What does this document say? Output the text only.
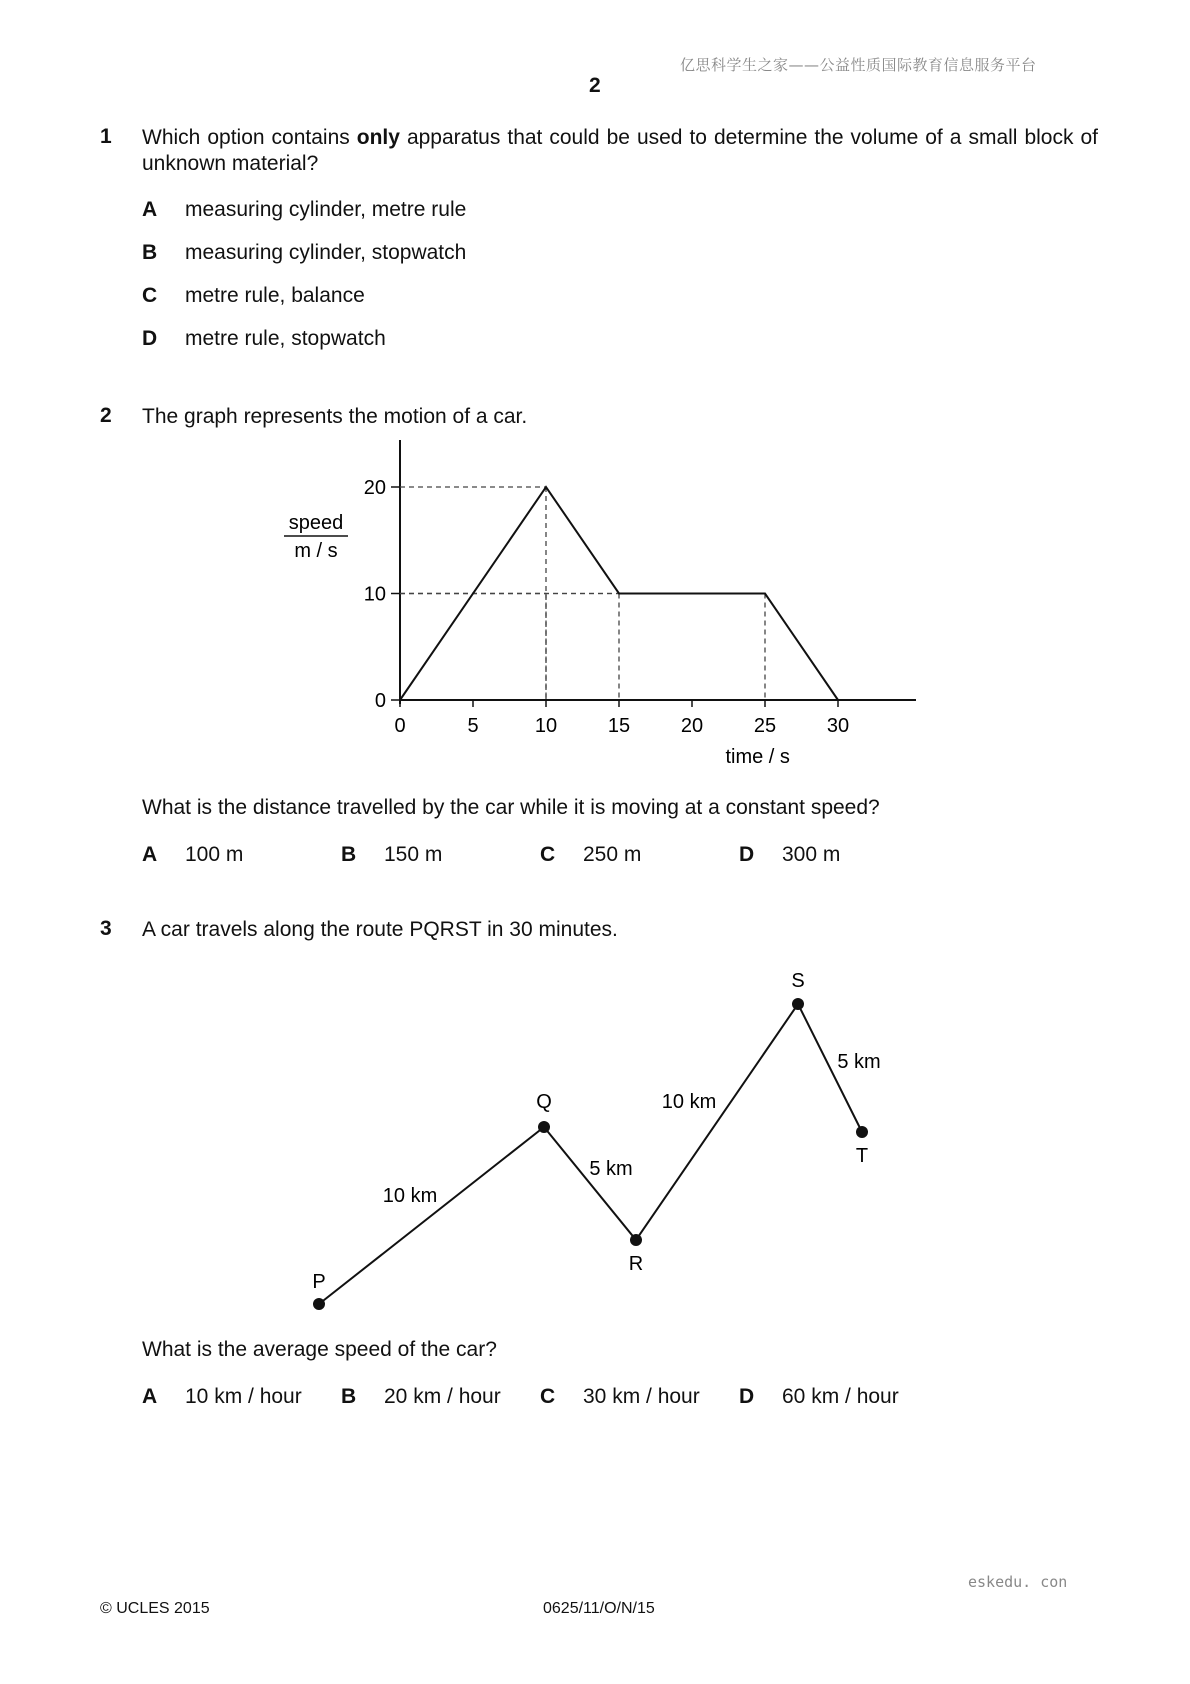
亿思科学生之家——公益性质国际教育信息服务平台
2
1 Which option contains only apparatus that could be used to determine the volume of a small block of unknown material?
A measuring cylinder, metre rule
B measuring cylinder, stopwatch
C metre rule, balance
D metre rule, stopwatch
2 The graph represents the motion of a car.
0	5	10	15	20	25	30
0
10
20
speed
m / s
time / s
What is the distance travelled by the car while it is moving at a constant speed?
A 100 m	B 150 m	C 250 m	D 300 m
3 A car travels along the route PQRST in 30 minutes.
P
Q
R
S
T
10 km
5 km
10 km
5 km
What is the average speed of the car?
A 10 km / hour B 20 km / hour C 30 km / hour D 60 km / hour
eskedu. con
© UCLES 2015	0625/11/O/N/15
